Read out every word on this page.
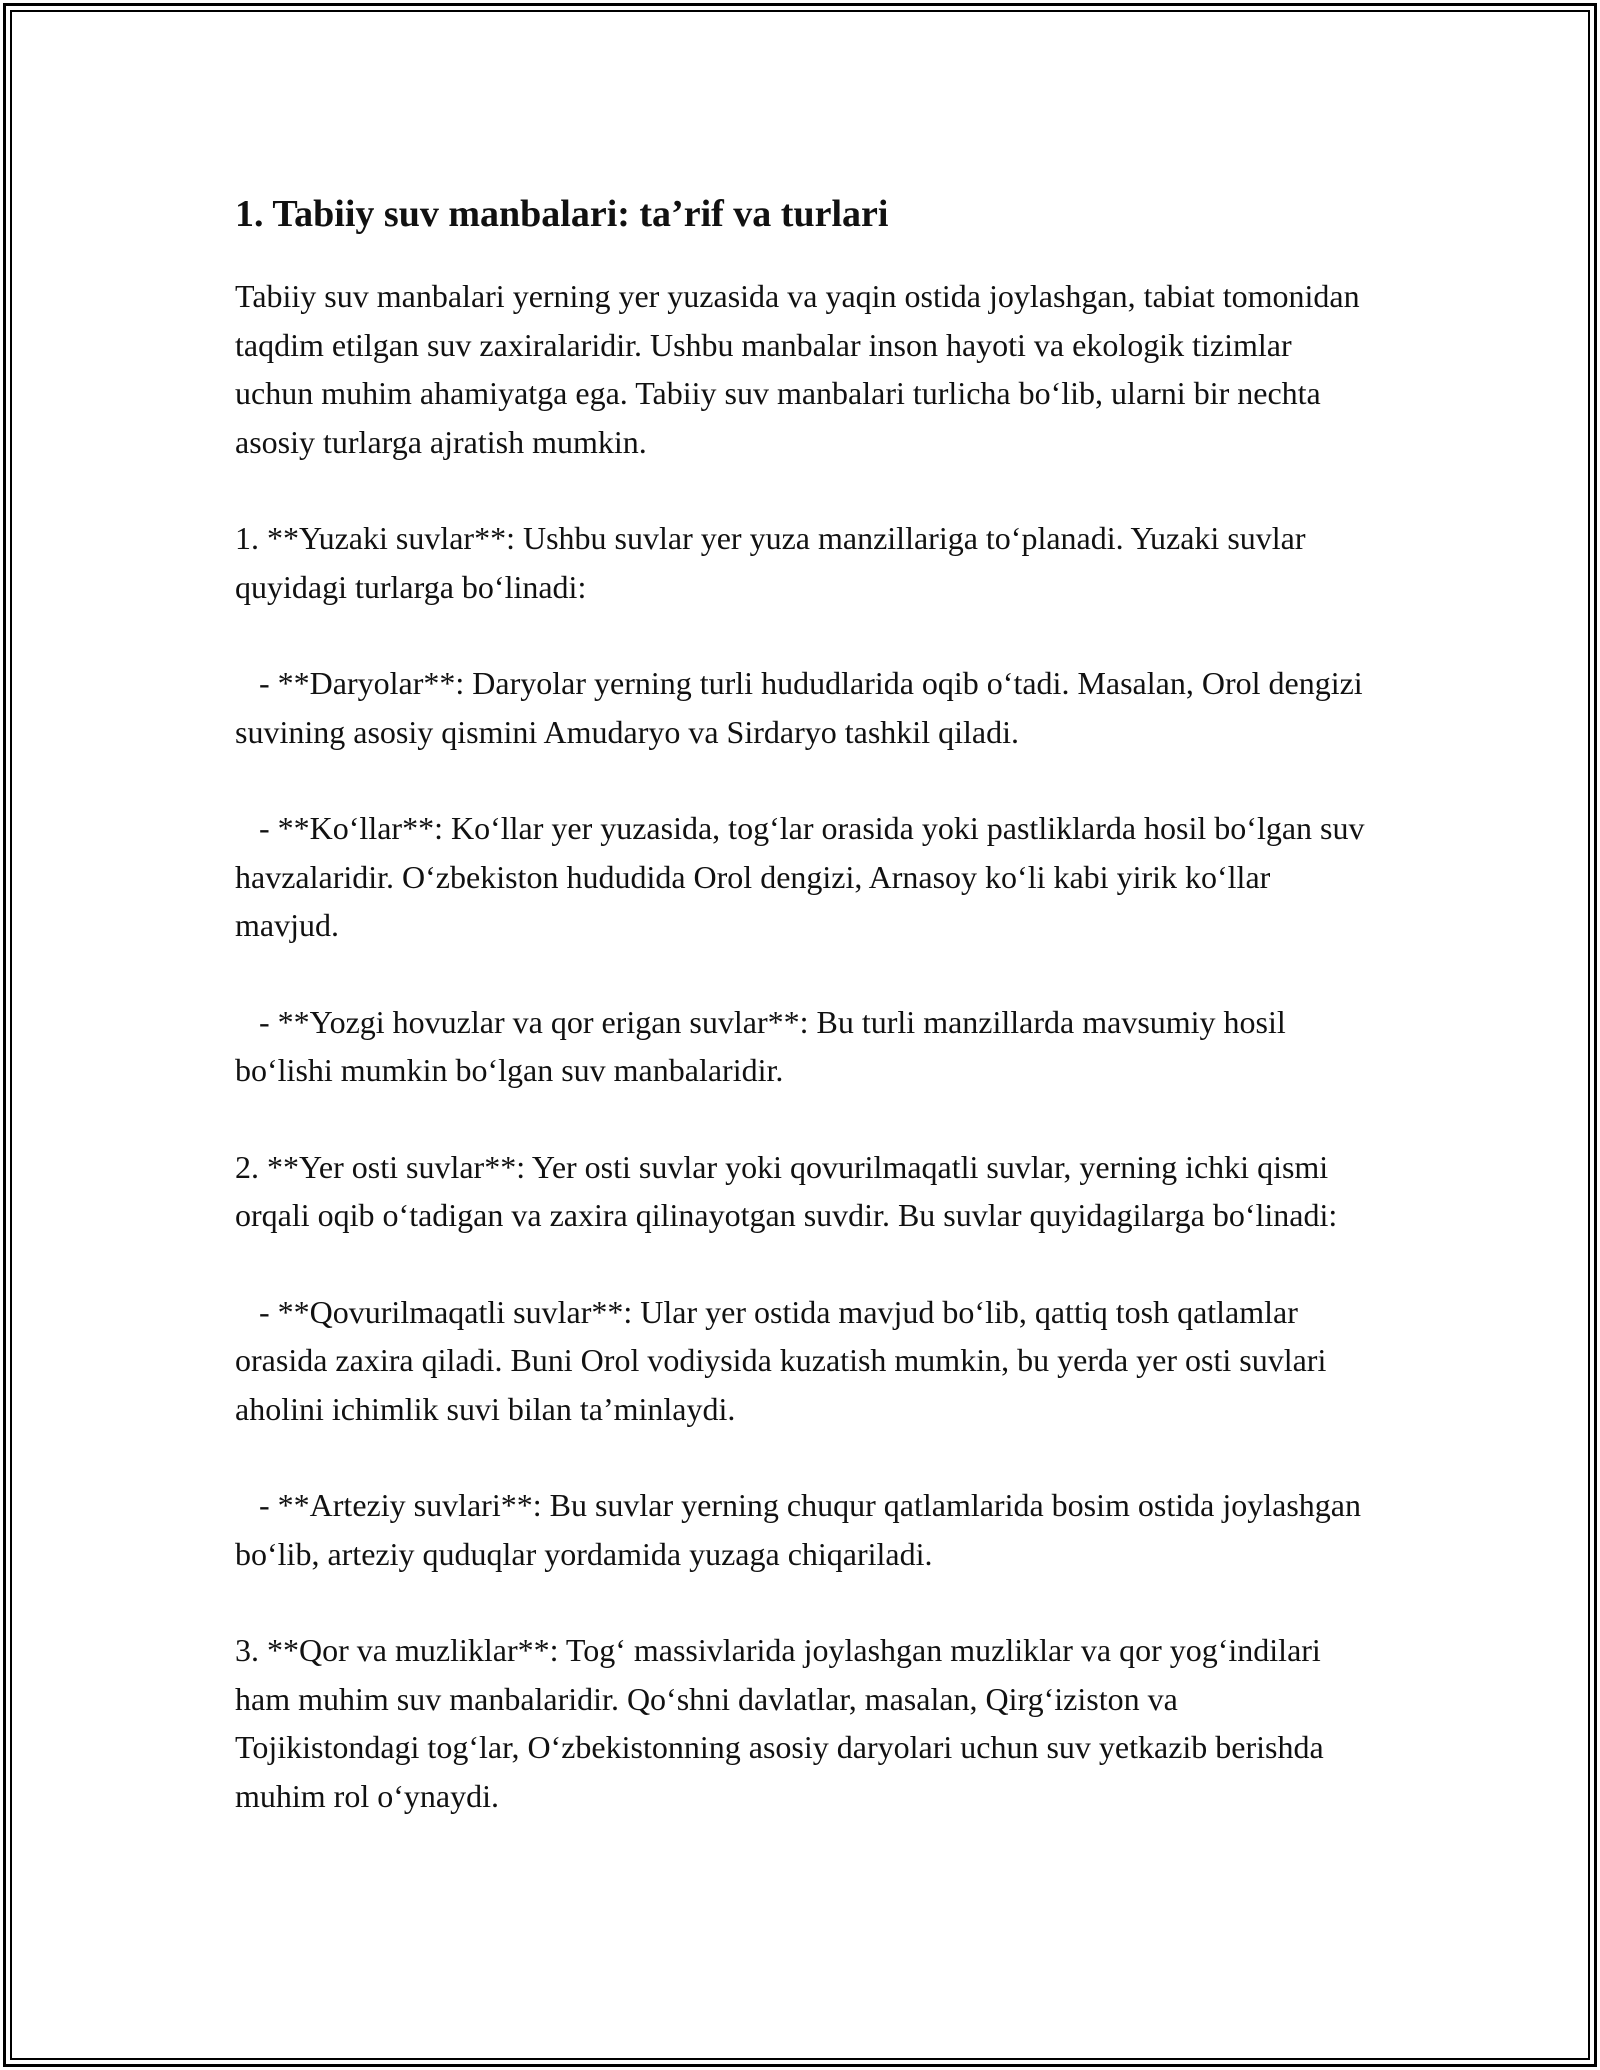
1. Tabiiy suv manbalari: ta’rif va turlari

Tabiiy suv manbalari yerning yer yuzasida va yaqin ostida joylashgan, tabiat tomonidan taqdim etilgan suv zaxiralaridir. Ushbu manbalar inson hayoti va ekologik tizimlar uchun muhim ahamiyatga ega. Tabiiy suv manbalari turlicha boʻlib, ularni bir nechta asosiy turlarga ajratish mumkin.

1. **Yuzaki suvlar**: Ushbu suvlar yer yuza manzillariga toʻplanadi. Yuzaki suvlar quyidagi turlarga boʻlinadi:

- **Daryolar**: Daryolar yerning turli hududlarida oqib oʻtadi. Masalan, Orol dengizi suvining asosiy qismini Amudaryo va Sirdaryo tashkil qiladi.

- **Koʻllar**: Koʻllar yer yuzasida, togʻlar orasida yoki pastliklarda hosil boʻlgan suv havzalaridir. Oʻzbekiston hududida Orol dengizi, Arnasoy koʻli kabi yirik koʻllar mavjud.

- **Yozgi hovuzlar va qor erigan suvlar**: Bu turli manzillarda mavsumiy hosil boʻlishi mumkin boʻlgan suv manbalaridir.

2. **Yer osti suvlar**: Yer osti suvlar yoki qovurilmaqatli suvlar, yerning ichki qismi orqali oqib oʻtadigan va zaxira qilinayotgan suvdir. Bu suvlar quyidagilarga boʻlinadi:

- **Qovurilmaqatli suvlar**: Ular yer ostida mavjud boʻlib, qattiq tosh qatlamlar orasida zaxira qiladi. Buni Orol vodiysida kuzatish mumkin, bu yerda yer osti suvlari aholini ichimlik suvi bilan ta’minlaydi.

- **Arteziy suvlari**: Bu suvlar yerning chuqur qatlamlarida bosim ostida joylashgan boʻlib, arteziy quduqlar yordamida yuzaga chiqariladi.

3. **Qor va muzliklar**: Togʻ massivlarida joylashgan muzliklar va qor yogʻindilari ham muhim suv manbalaridir. Qoʻshni davlatlar, masalan, Qirgʻiziston va Tojikistondagi togʻlar, Oʻzbekistonning asosiy daryolari uchun suv yetkazib berishda muhim rol oʻynaydi.
